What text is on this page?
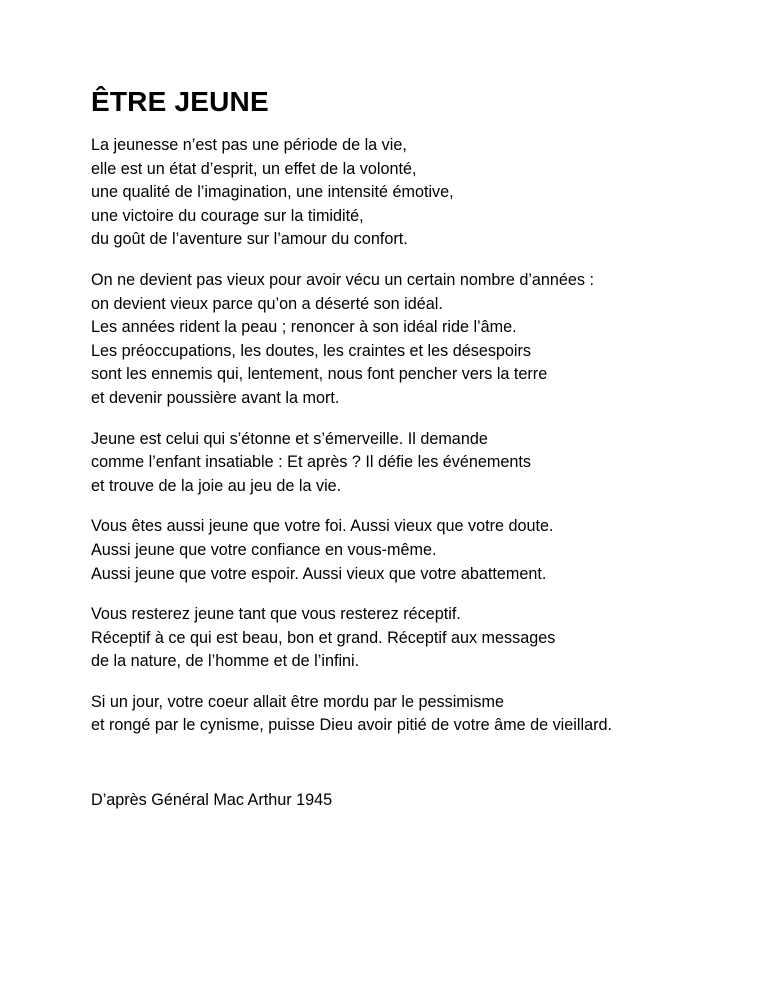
ÊTRE JEUNE
La jeunesse n’est pas une période de la vie,
elle est un état d’esprit, un effet de la volonté,
une qualité de l’imagination, une intensité émotive,
une victoire du courage sur la timidité,
du goût de l’aventure sur l’amour du confort.
On ne devient pas vieux pour avoir vécu un certain nombre d’années :
on devient vieux parce qu’on a déserté son idéal.
Les années rident la peau ; renoncer à son idéal ride l’âme.
Les préoccupations, les doutes, les craintes et les désespoirs
sont les ennemis qui, lentement, nous font pencher vers la terre
et devenir poussière avant la mort.
Jeune est celui qui s’étonne et s’émerveille. Il demande
comme l’enfant insatiable : Et après ? Il défie les événements
et trouve de la joie au jeu de la vie.
Vous êtes aussi jeune que votre foi. Aussi vieux que votre doute.
Aussi jeune que votre confiance en vous-même.
Aussi jeune que votre espoir. Aussi vieux que votre abattement.
Vous resterez jeune tant que vous resterez réceptif.
Réceptif à ce qui est beau, bon et grand. Réceptif aux messages
de la nature, de l’homme et de l’infini.
Si un jour, votre coeur allait être mordu par le pessimisme
et rongé par le cynisme, puisse Dieu avoir pitié de votre âme de vieillard.
D’après Général Mac Arthur 1945
